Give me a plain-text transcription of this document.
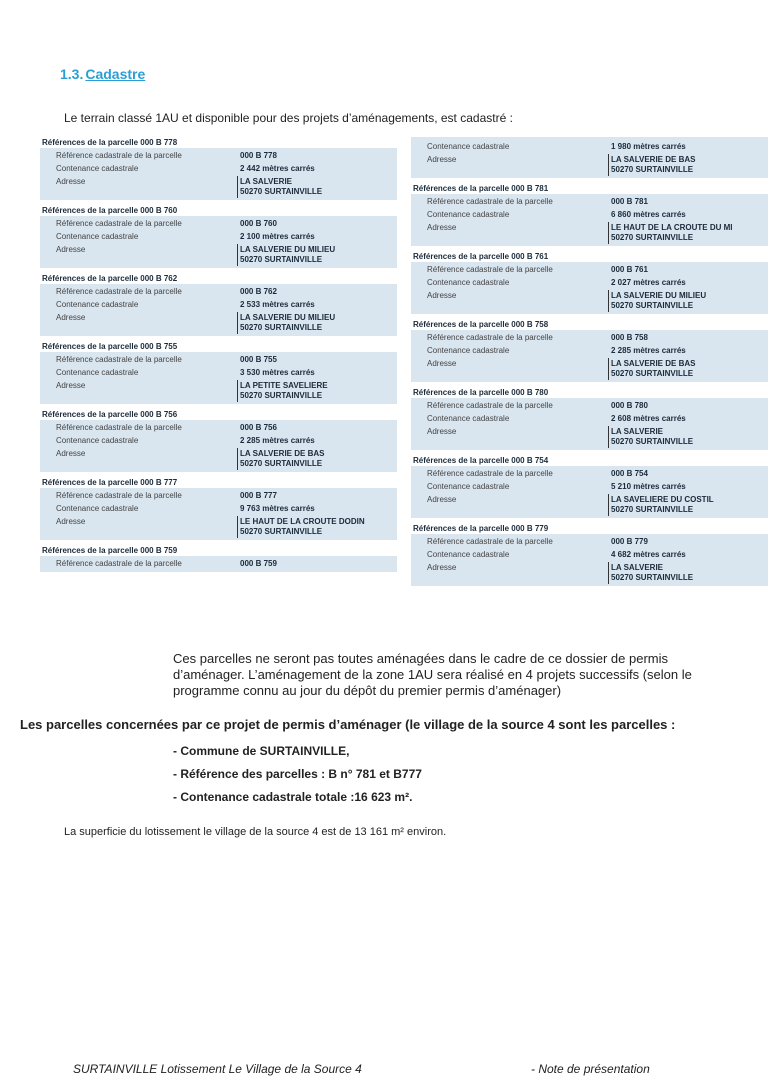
1.3. Cadastre
Le terrain classé 1AU et disponible pour des projets d’aménagements, est cadastré :
Références de la parcelle 000 B 778
Référence cadastrale de la parcelle	000 B 778
Contenance cadastrale	2 442 mètres carrés
Adresse	LA SALVERIE
50270 SURTAINVILLE
Références de la parcelle 000 B 760
Référence cadastrale de la parcelle	000 B 760
Contenance cadastrale	2 100 mètres carrés
Adresse	LA SALVERIE DU MILIEU
50270 SURTAINVILLE
Références de la parcelle 000 B 762
Référence cadastrale de la parcelle	000 B 762
Contenance cadastrale	2 533 mètres carrés
Adresse	LA SALVERIE DU MILIEU
50270 SURTAINVILLE
Références de la parcelle 000 B 755
Référence cadastrale de la parcelle	000 B 755
Contenance cadastrale	3 530 mètres carrés
Adresse	LA PETITE SAVELIERE
50270 SURTAINVILLE
Références de la parcelle 000 B 756
Référence cadastrale de la parcelle	000 B 756
Contenance cadastrale	2 285 mètres carrés
Adresse	LA SALVERIE DE BAS
50270 SURTAINVILLE
Références de la parcelle 000 B 777
Référence cadastrale de la parcelle	000 B 777
Contenance cadastrale	9 763 mètres carrés
Adresse	LE HAUT DE LA CROUTE DODIN
50270 SURTAINVILLE
Références de la parcelle 000 B 759
Référence cadastrale de la parcelle	000 B 759
Contenance cadastrale	1 980 mètres carrés
Adresse	LA SALVERIE DE BAS
50270 SURTAINVILLE
Références de la parcelle 000 B 781
Référence cadastrale de la parcelle	000 B 781
Contenance cadastrale	6 860 mètres carrés
Adresse	LE HAUT DE LA CROUTE DU MI
50270 SURTAINVILLE
Références de la parcelle 000 B 761
Référence cadastrale de la parcelle	000 B 761
Contenance cadastrale	2 027 mètres carrés
Adresse	LA SALVERIE DU MILIEU
50270 SURTAINVILLE
Références de la parcelle 000 B 758
Référence cadastrale de la parcelle	000 B 758
Contenance cadastrale	2 285 mètres carrés
Adresse	LA SALVERIE DE BAS
50270 SURTAINVILLE
Références de la parcelle 000 B 780
Référence cadastrale de la parcelle	000 B 780
Contenance cadastrale	2 608 mètres carrés
Adresse	LA SALVERIE
50270 SURTAINVILLE
Références de la parcelle 000 B 754
Référence cadastrale de la parcelle	000 B 754
Contenance cadastrale	5 210 mètres carrés
Adresse	LA SAVELIERE DU COSTIL
50270 SURTAINVILLE
Références de la parcelle 000 B 779
Référence cadastrale de la parcelle	000 B 779
Contenance cadastrale	4 682 mètres carrés
Adresse	LA SALVERIE
50270 SURTAINVILLE
Ces parcelles ne seront pas toutes aménagées dans le cadre de ce dossier de permis d’aménager. L’aménagement de la zone 1AU sera réalisé en 4 projets successifs (selon le programme connu au jour du dépôt du premier permis d’aménager)
Les parcelles concernées par ce projet de permis d’aménager (le village de la source 4 sont les parcelles :
- Commune de SURTAINVILLE,
- Référence des parcelles : B n° 781 et B777
- Contenance cadastrale totale :16 623 m².
La superficie du lotissement le village de la source 4 est de 13 161 m² environ.
SURTAINVILLE Lotissement Le Village de la Source 4	- Note de présentation
